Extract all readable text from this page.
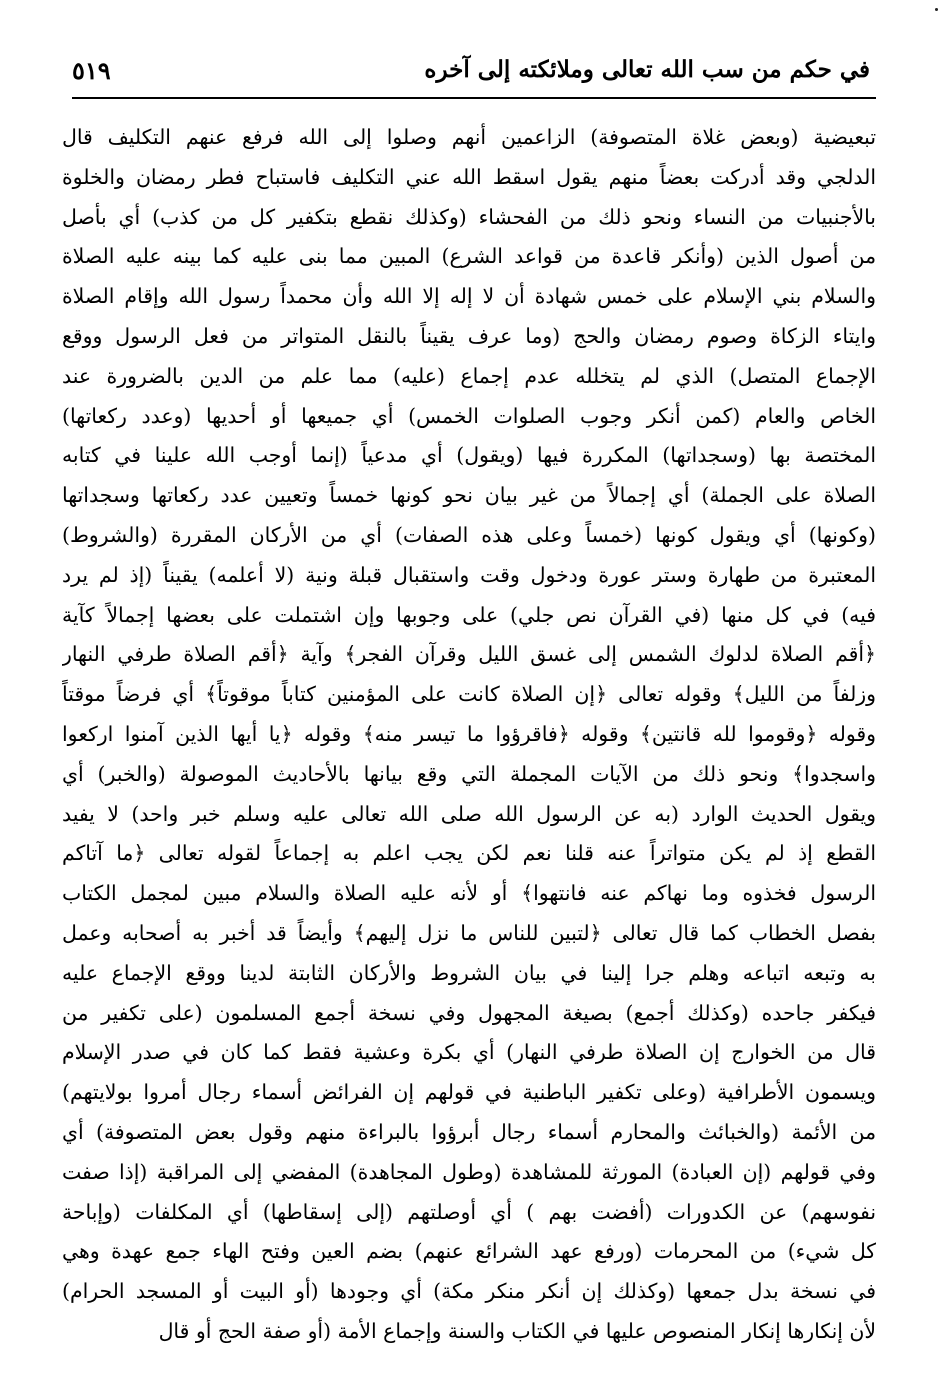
في حكم من سب الله تعالى وملائكته إلى آخره
٥١٩
تبعيضية (وبعض غلاة المتصوفة) الزاعمين أنهم وصلوا إلى الله فرفع عنهم التكليف قال
الدلجي وقد أدركت بعضاً منهم يقول اسقط الله عني التكليف فاستباح فطر رمضان والخلوة
بالأجنبيات من النساء ونحو ذلك من الفحشاء (وكذلك نقطع بتكفير كل من كذب) أي بأصل
من أصول الذين (وأنكر قاعدة من قواعد الشرع) المبين مما بنى عليه كما بينه عليه الصلاة
والسلام بني الإسلام على خمس شهادة أن لا إله إلا الله وأن محمداً رسول الله وإقام الصلاة
وايتاء الزكاة وصوم رمضان والحج (وما عرف يقيناً بالنقل المتواتر من فعل الرسول ووقع
الإجماع المتصل) الذي لم يتخلله عدم إجماع (عليه) مما علم من الدين بالضرورة عند
الخاص والعام (كمن أنكر وجوب الصلوات الخمس) أي جميعها أو أحديها (وعدد ركعاتها)
المختصة بها (وسجداتها) المكررة فيها (ويقول) أي مدعياً (إنما أوجب الله علينا في كتابه
الصلاة على الجملة) أي إجمالاً من غير بيان نحو كونها خمساً وتعيين عدد ركعاتها وسجداتها
(وكونها) أي ويقول كونها (خمساً وعلى هذه الصفات) أي من الأركان المقررة (والشروط)
المعتبرة من طهارة وستر عورة ودخول وقت واستقبال قبلة ونية (لا أعلمه) يقيناً (إذ لم يرد
فيه) في كل منها (في القرآن نص جلي) على وجوبها وإن اشتملت على بعضها إجمالاً كآية
﴿أقم الصلاة لدلوك الشمس إلى غسق الليل وقرآن الفجر﴾ وآية ﴿أقم الصلاة طرفي النهار
وزلفاً من الليل﴾ وقوله تعالى ﴿إن الصلاة كانت على المؤمنين كتاباً موقوتاً﴾ أي فرضاً موقتاً
وقوله ﴿وقوموا لله قانتين﴾ وقوله ﴿فاقرؤوا ما تيسر منه﴾ وقوله ﴿يا أيها الذين آمنوا اركعوا
واسجدوا﴾ ونحو ذلك من الآيات المجملة التي وقع بيانها بالأحاديث الموصولة (والخبر) أي
ويقول الحديث الوارد (به عن الرسول الله صلى الله تعالى عليه وسلم خبر واحد) لا يفيد
القطع إذ لم يكن متواتراً عنه قلنا نعم لكن يجب اعلم به إجماعاً لقوله تعالى ﴿ما آتاكم
الرسول فخذوه وما نهاكم عنه فانتهوا﴾ أو لأنه عليه الصلاة والسلام مبين لمجمل الكتاب
بفصل الخطاب كما قال تعالى ﴿لتبين للناس ما نزل إليهم﴾ وأيضاً قد أخبر به أصحابه وعمل
به وتبعه اتباعه وهلم جرا إلينا في بيان الشروط والأركان الثابتة لدينا ووقع الإجماع عليه
فيكفر جاحده (وكذلك أجمع) بصيغة المجهول وفي نسخة أجمع المسلمون (على تكفير من
قال من الخوارج إن الصلاة طرفي النهار) أي بكرة وعشية فقط كما كان في صدر الإسلام
ويسمون الأطرافية (وعلى تكفير الباطنية في قولهم إن الفرائض أسماء رجال أمروا بولايتهم)
من الأئمة (والخبائث والمحارم أسماء رجال أبرؤوا بالبراءة منهم وقول بعض المتصوفة) أي
وفي قولهم (إن العبادة) المورثة للمشاهدة (وطول المجاهدة) المفضي إلى المراقبة (إذا صفت
نفوسهم) عن الكدورات (أفضت بهم ) أي أوصلتهم (إلى إسقاطها) أي المكلفات (وإباحة
كل شيء) من المحرمات (ورفع عهد الشرائع عنهم) بضم العين وفتح الهاء جمع عهدة وهي
في نسخة بدل جمعها (وكذلك إن أنكر منكر مكة) أي وجودها (أو البيت أو المسجد الحرام)
لأن إنكارها إنكار المنصوص عليها في الكتاب والسنة وإجماع الأمة (أو صفة الحج أو قال
